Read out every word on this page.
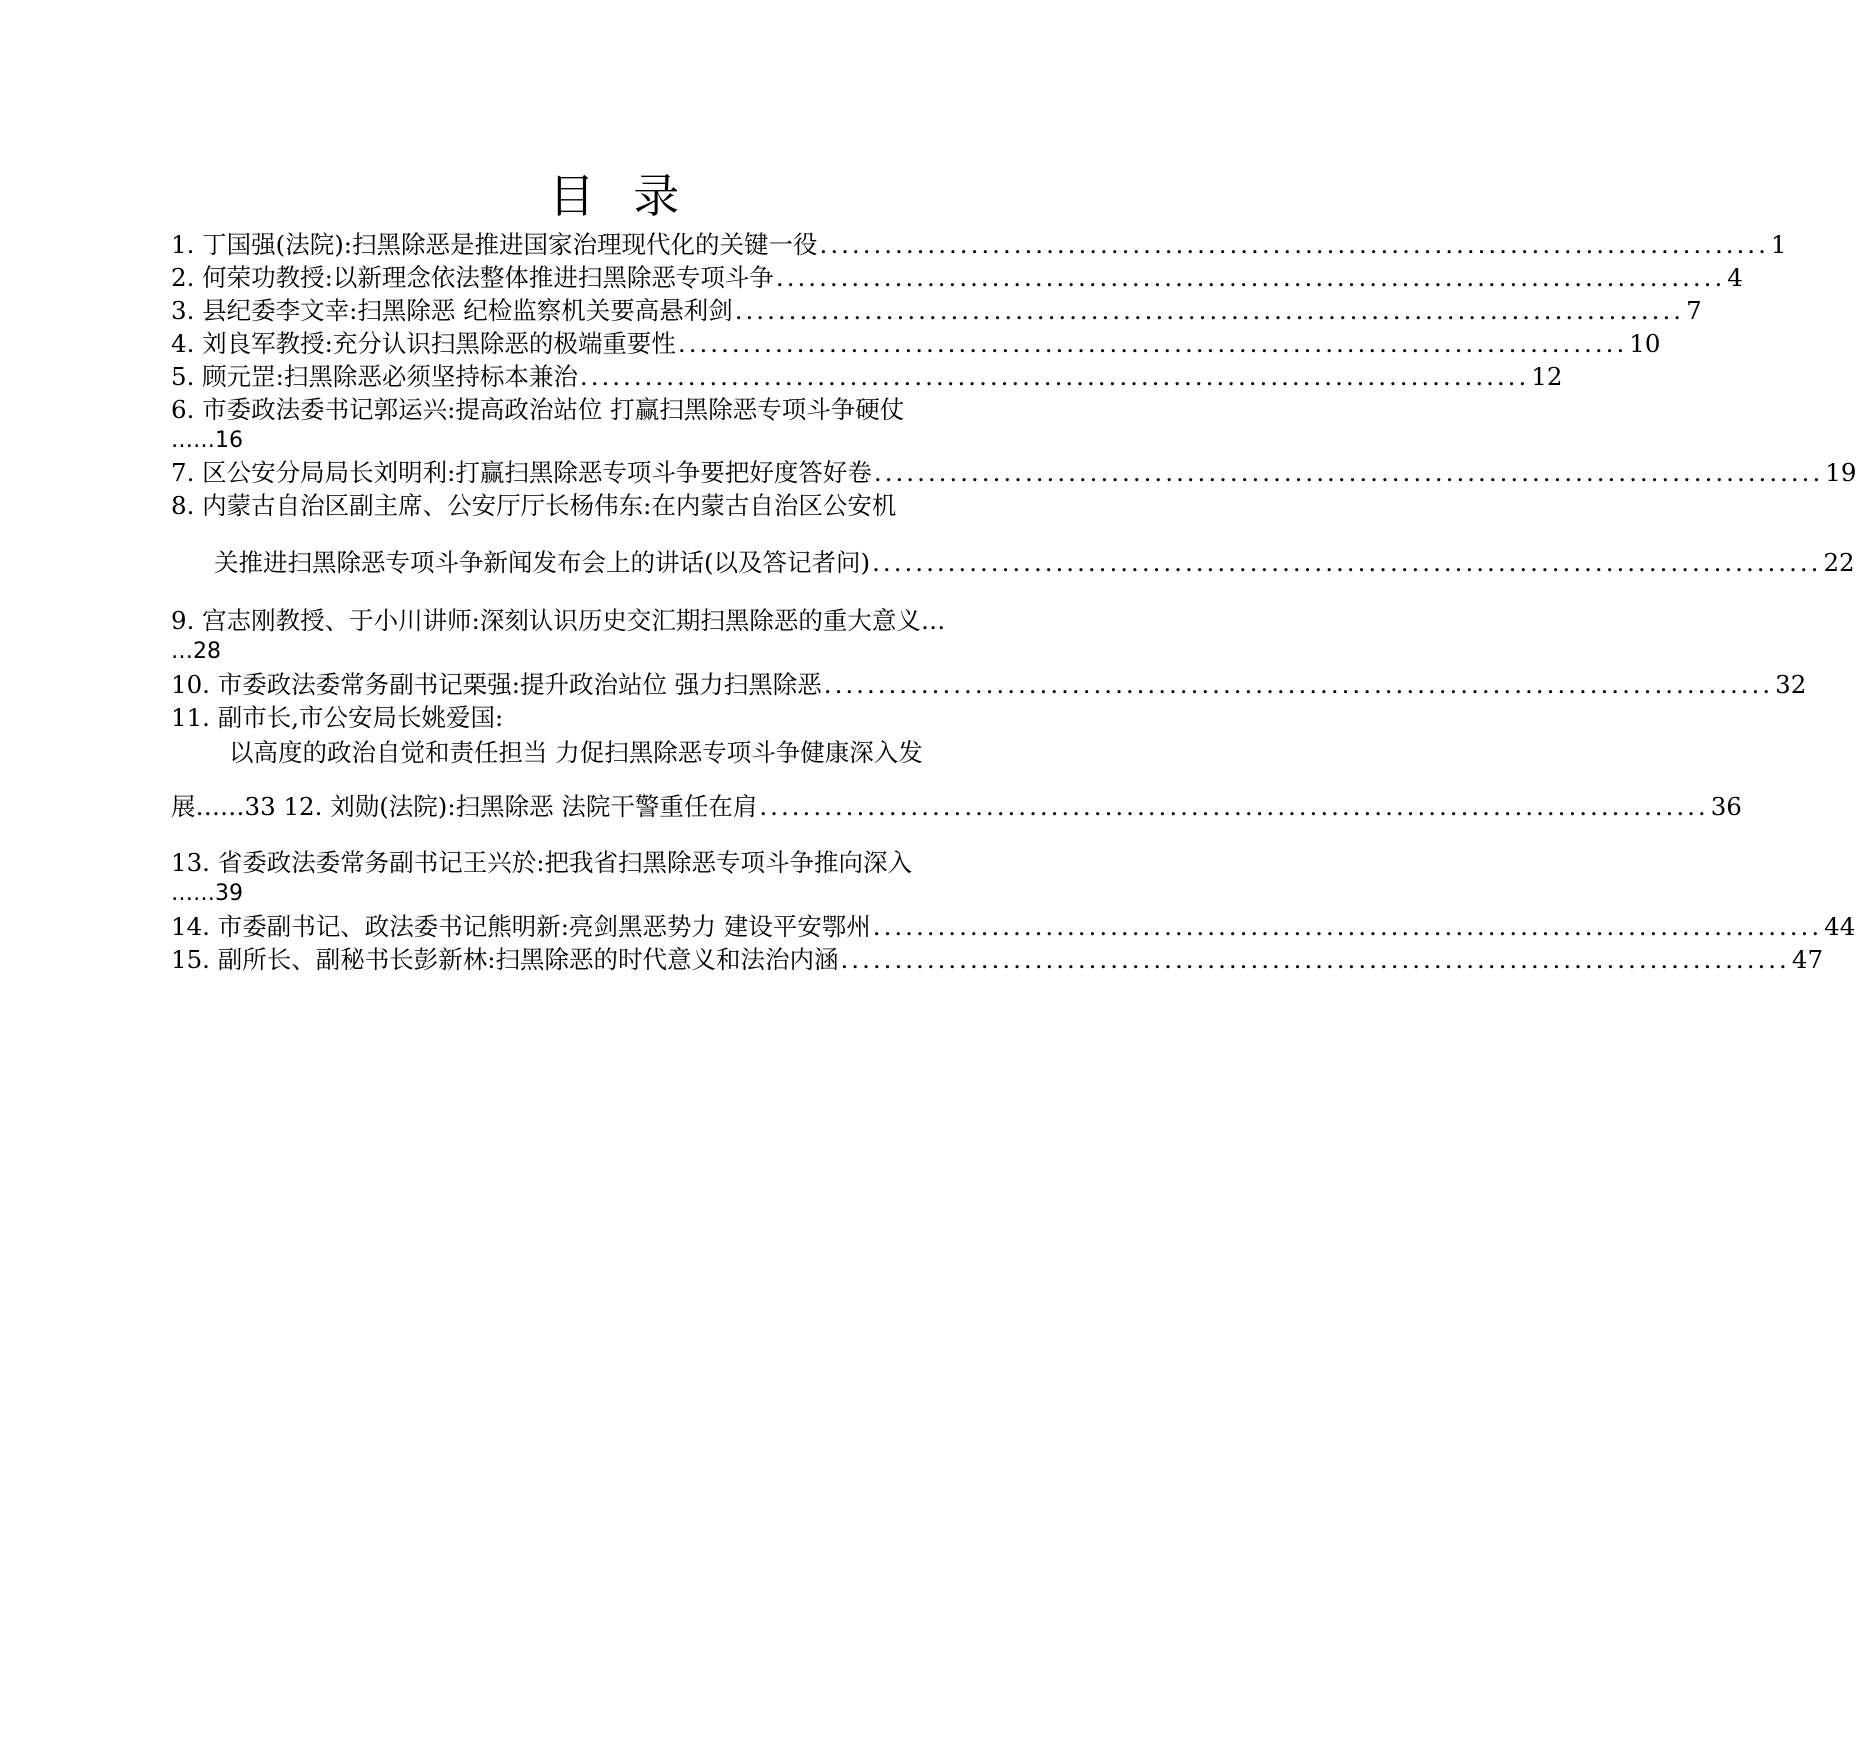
目 录
1. 丁国强(法院):扫黑除恶是推进国家治理现代化的关键一役 ........................................................................................ 1
2. 何荣功教授:以新理念依法整体推进扫黑除恶专项斗争 ........................................................................................ 4
3. 县纪委李文幸:扫黑除恶 纪检监察机关要高悬利剑 ........................................................................................ 7
4. 刘良军教授:充分认识扫黑除恶的极端重要性 ........................................................................................ 10
5. 顾元罡:扫黑除恶必须坚持标本兼治 ........................................................................................ 12
6. 市委政法委书记郭运兴:提高政治站位 打赢扫黑除恶专项斗争硬仗
……16
7. 区公安分局局长刘明利:打赢扫黑除恶专项斗争要把好度答好卷 ........................................................................................ 19
8. 内蒙古自治区副主席、公安厅厅长杨伟东:在内蒙古自治区公安机
关推进扫黑除恶专项斗争新闻发布会上的讲话(以及答记者问) ........................................................................................ 22
9. 宫志刚教授、于小川讲师:深刻认识历史交汇期扫黑除恶的重大意义…
…28
10. 市委政法委常务副书记栗强:提升政治站位 强力扫黑除恶 ........................................................................................ 32
11. 副市长,市公安局长姚爱国:
以高度的政治自觉和责任担当 力促扫黑除恶专项斗争健康深入发
展……33 12. 刘勋(法院):扫黑除恶 法院干警重任在肩 ........................................................................................ 36
13. 省委政法委常务副书记王兴於:把我省扫黑除恶专项斗争推向深入
……39
14. 市委副书记、政法委书记熊明新:亮剑黑恶势力 建设平安鄂州 ........................................................................................ 44
15. 副所长、副秘书长彭新林:扫黑除恶的时代意义和法治内涵 ........................................................................................ 47
